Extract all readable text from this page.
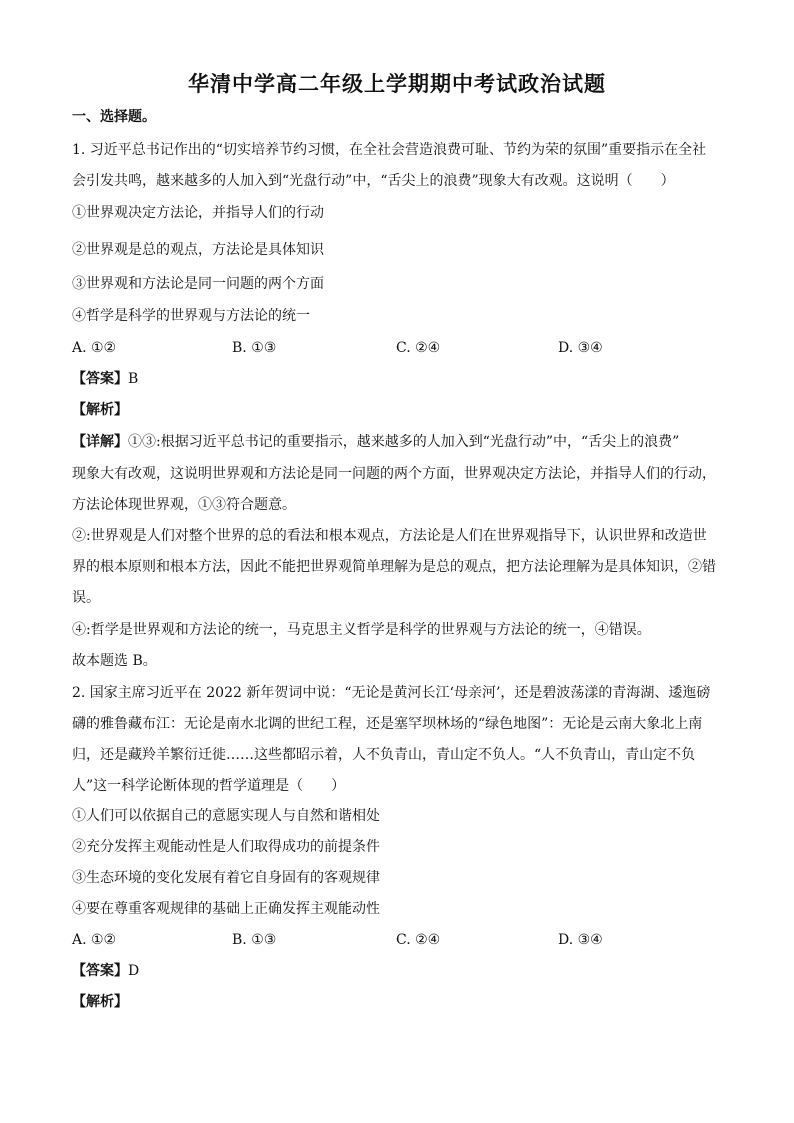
华清中学高二年级上学期期中考试政治试题
一、选择题。
1. 习近平总书记作出的“切实培养节约习惯，在全社会营造浪费可耻、节约为荣的氛围”重要指示在全社
会引发共鸣，越来越多的人加入到“光盘行动”中，“舌尖上的浪费”现象大有改观。这说明（　　）
①世界观决定方法论，并指导人们的行动
②世界观是总的观点，方法论是具体知识
③世界观和方法论是同一问题的两个方面
④哲学是科学的世界观与方法论的统一
A. ①②	B. ①③	C. ②④	D. ③④
【答案】B
【解析】
【详解】①③:根据习近平总书记的重要指示，越来越多的人加入到“光盘行动”中，“舌尖上的浪费”
现象大有改观，这说明世界观和方法论是同一问题的两个方面，世界观决定方法论，并指导人们的行动，
方法论体现世界观，①③符合题意。
②:世界观是人们对整个世界的总的看法和根本观点，方法论是人们在世界观指导下，认识世界和改造世
界的根本原则和根本方法，因此不能把世界观简单理解为是总的观点，把方法论理解为是具体知识，②错
误。
④:哲学是世界观和方法论的统一，马克思主义哲学是科学的世界观与方法论的统一，④错误。
故本题选 B。
2. 国家主席习近平在 2022 新年贺词中说：“无论是黄河长江‘母亲河’，还是碧波荡漾的青海湖、逶迤磅
礴的雅鲁藏布江：无论是南水北调的世纪工程，还是塞罕坝林场的“绿色地图”：无论是云南大象北上南
归，还是藏羚羊繁衍迁徙……这些都昭示着，人不负青山，青山定不负人。“人不负青山，青山定不负
人”这一科学论断体现的哲学道理是（　　）
①人们可以依据自己的意愿实现人与自然和谐相处
②充分发挥主观能动性是人们取得成功的前提条件
③生态环境的变化发展有着它自身固有的客观规律
④要在尊重客观规律的基础上正确发挥主观能动性
A. ①②	B. ①③	C. ②④	D. ③④
【答案】D
【解析】
